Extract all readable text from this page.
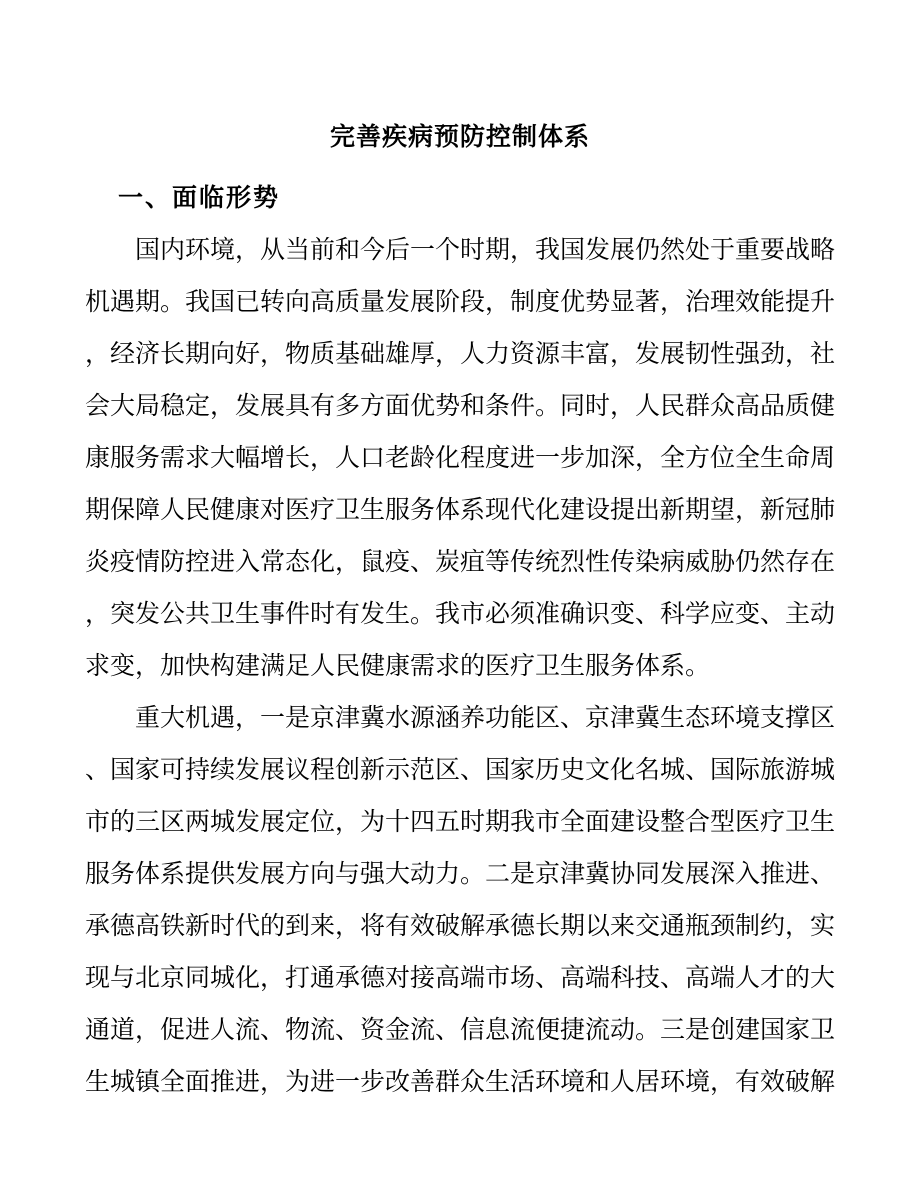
完善疾病预防控制体系
一、面临形势

国内环境，从当前和今后一个时期，我国发展仍然处于重要战略机遇期。我国已转向高质量发展阶段，制度优势显著，治理效能提升，经济长期向好，物质基础雄厚，人力资源丰富，发展韧性强劲，社会大局稳定，发展具有多方面优势和条件。同时，人民群众高品质健康服务需求大幅增长，人口老龄化程度进一步加深，全方位全生命周期保障人民健康对医疗卫生服务体系现代化建设提出新期望，新冠肺炎疫情防控进入常态化，鼠疫、炭疽等传统烈性传染病威胁仍然存在，突发公共卫生事件时有发生。我市必须准确识变、科学应变、主动求变，加快构建满足人民健康需求的医疗卫生服务体系。

重大机遇，一是京津冀水源涵养功能区、京津冀生态环境支撑区、国家可持续发展议程创新示范区、国家历史文化名城、国际旅游城市的三区两城发展定位，为十四五时期我市全面建设整合型医疗卫生服务体系提供发展方向与强大动力。二是京津冀协同发展深入推进、承德高铁新时代的到来，将有效破解承德长期以来交通瓶颈制约，实现与北京同城化，打通承德对接高端市场、高端科技、高端人才的大通道，促进人流、物流、资金流、信息流便捷流动。三是创建国家卫生城镇全面推进，为进一步改善群众生活环境和人居环境，有效破解
